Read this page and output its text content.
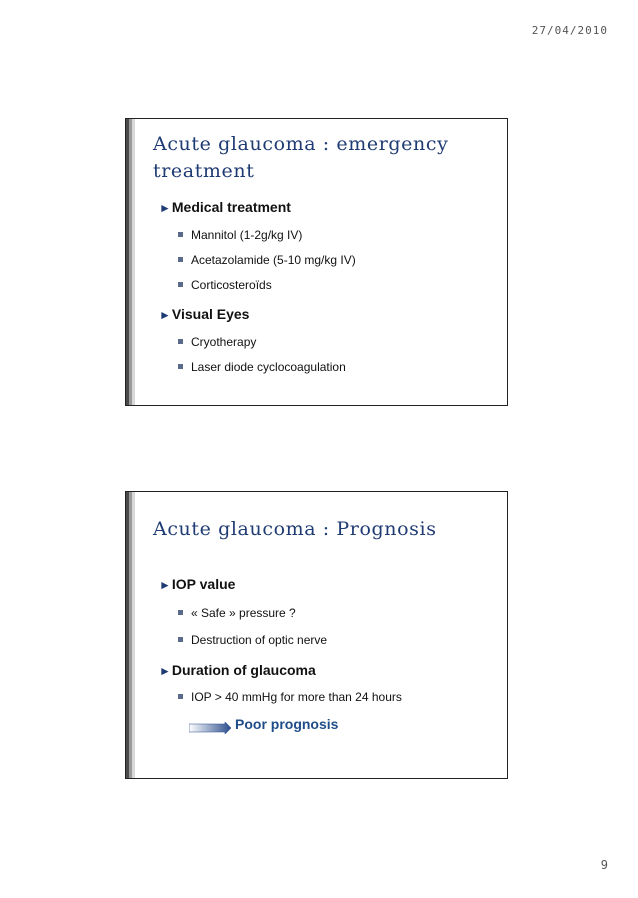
27/04/2010
Acute glaucoma : emergency
treatment
►Medical treatment
Mannitol (1-2g/kg IV)
Acetazolamide (5-10 mg/kg IV)
Corticosteroïds
►Visual Eyes
Cryotherapy
Laser diode cyclocoagulation
Acute glaucoma : Prognosis
►IOP value
« Safe » pressure ?
Destruction of optic nerve
►Duration of glaucoma
IOP > 40 mmHg for more than 24 hours
Poor prognosis
9
